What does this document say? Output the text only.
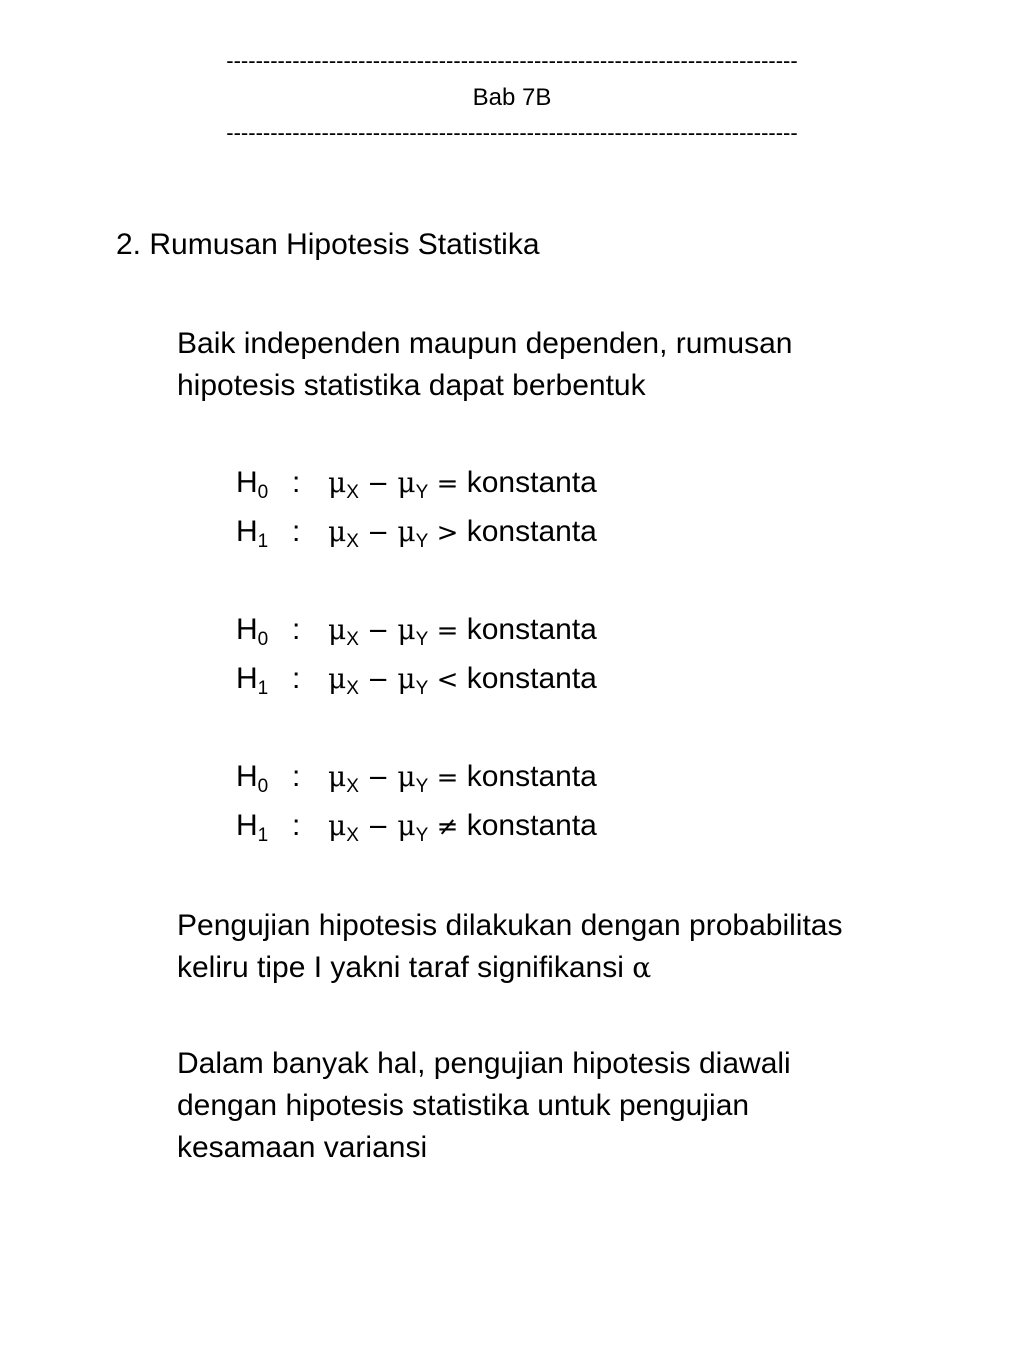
------------------------------------------------------------------------------
Bab 7B
------------------------------------------------------------------------------
2. Rumusan Hipotesis Statistika
Baik independen maupun dependen, rumusan
hipotesis statistika dapat berbentuk
$H_0$ : $\mu_X - \mu_Y$ = konstanta
$H_1$ : $\mu_X - \mu_Y$ > konstanta
$H_0$ : $\mu_X - \mu_Y$ = konstanta
$H_1$ : $\mu_X - \mu_Y$ < konstanta
$H_0$ : $\mu_X - \mu_Y$ = konstanta
$H_1$ : $\mu_X - \mu_Y$ ≠ konstanta
Pengujian hipotesis dilakukan dengan probabilitas
keliru tipe I yakni taraf signifikansi α
Dalam banyak hal, pengujian hipotesis diawali
dengan hipotesis statistika untuk pengujian
kesamaan variansi
